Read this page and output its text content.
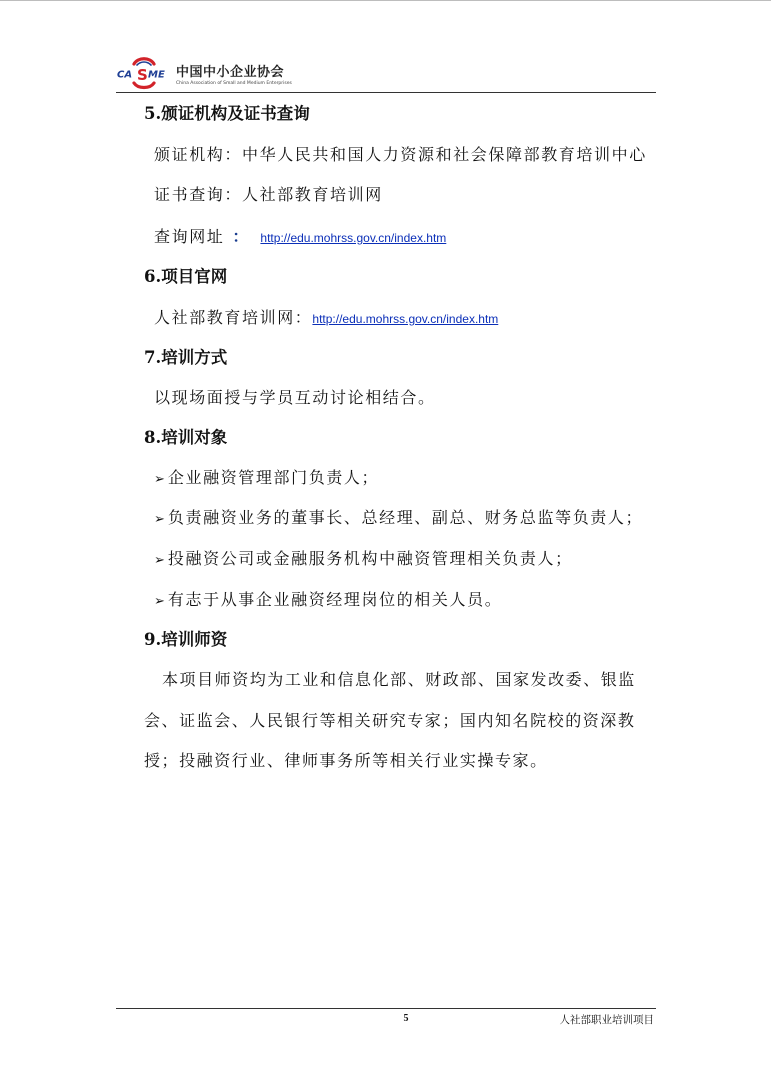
CA S ME 中国中小企业协会
China Association of Small and Medium Enterprises
5.颁证机构及证书查询
颁证机构：中华人民共和国人力资源和社会保障部教育培训中心
证书查询：人社部教育培训网
查询网址 ： http://edu.mohrss.gov.cn/index.htm
6.项目官网
人社部教育培训网：http://edu.mohrss.gov.cn/index.htm
7.培训方式
以现场面授与学员互动讨论相结合。
8.培训对象
➢ 企业融资管理部门负责人；
➢ 负责融资业务的董事长、总经理、副总、财务总监等负责人；
➢ 投融资公司或金融服务机构中融资管理相关负责人；
➢ 有志于从事企业融资经理岗位的相关人员。
9.培训师资
本项目师资均为工业和信息化部、财政部、国家发改委、银监
会、证监会、人民银行等相关研究专家；国内知名院校的资深教
授；投融资行业、律师事务所等相关行业实操专家。
5	人社部职业培训项目
